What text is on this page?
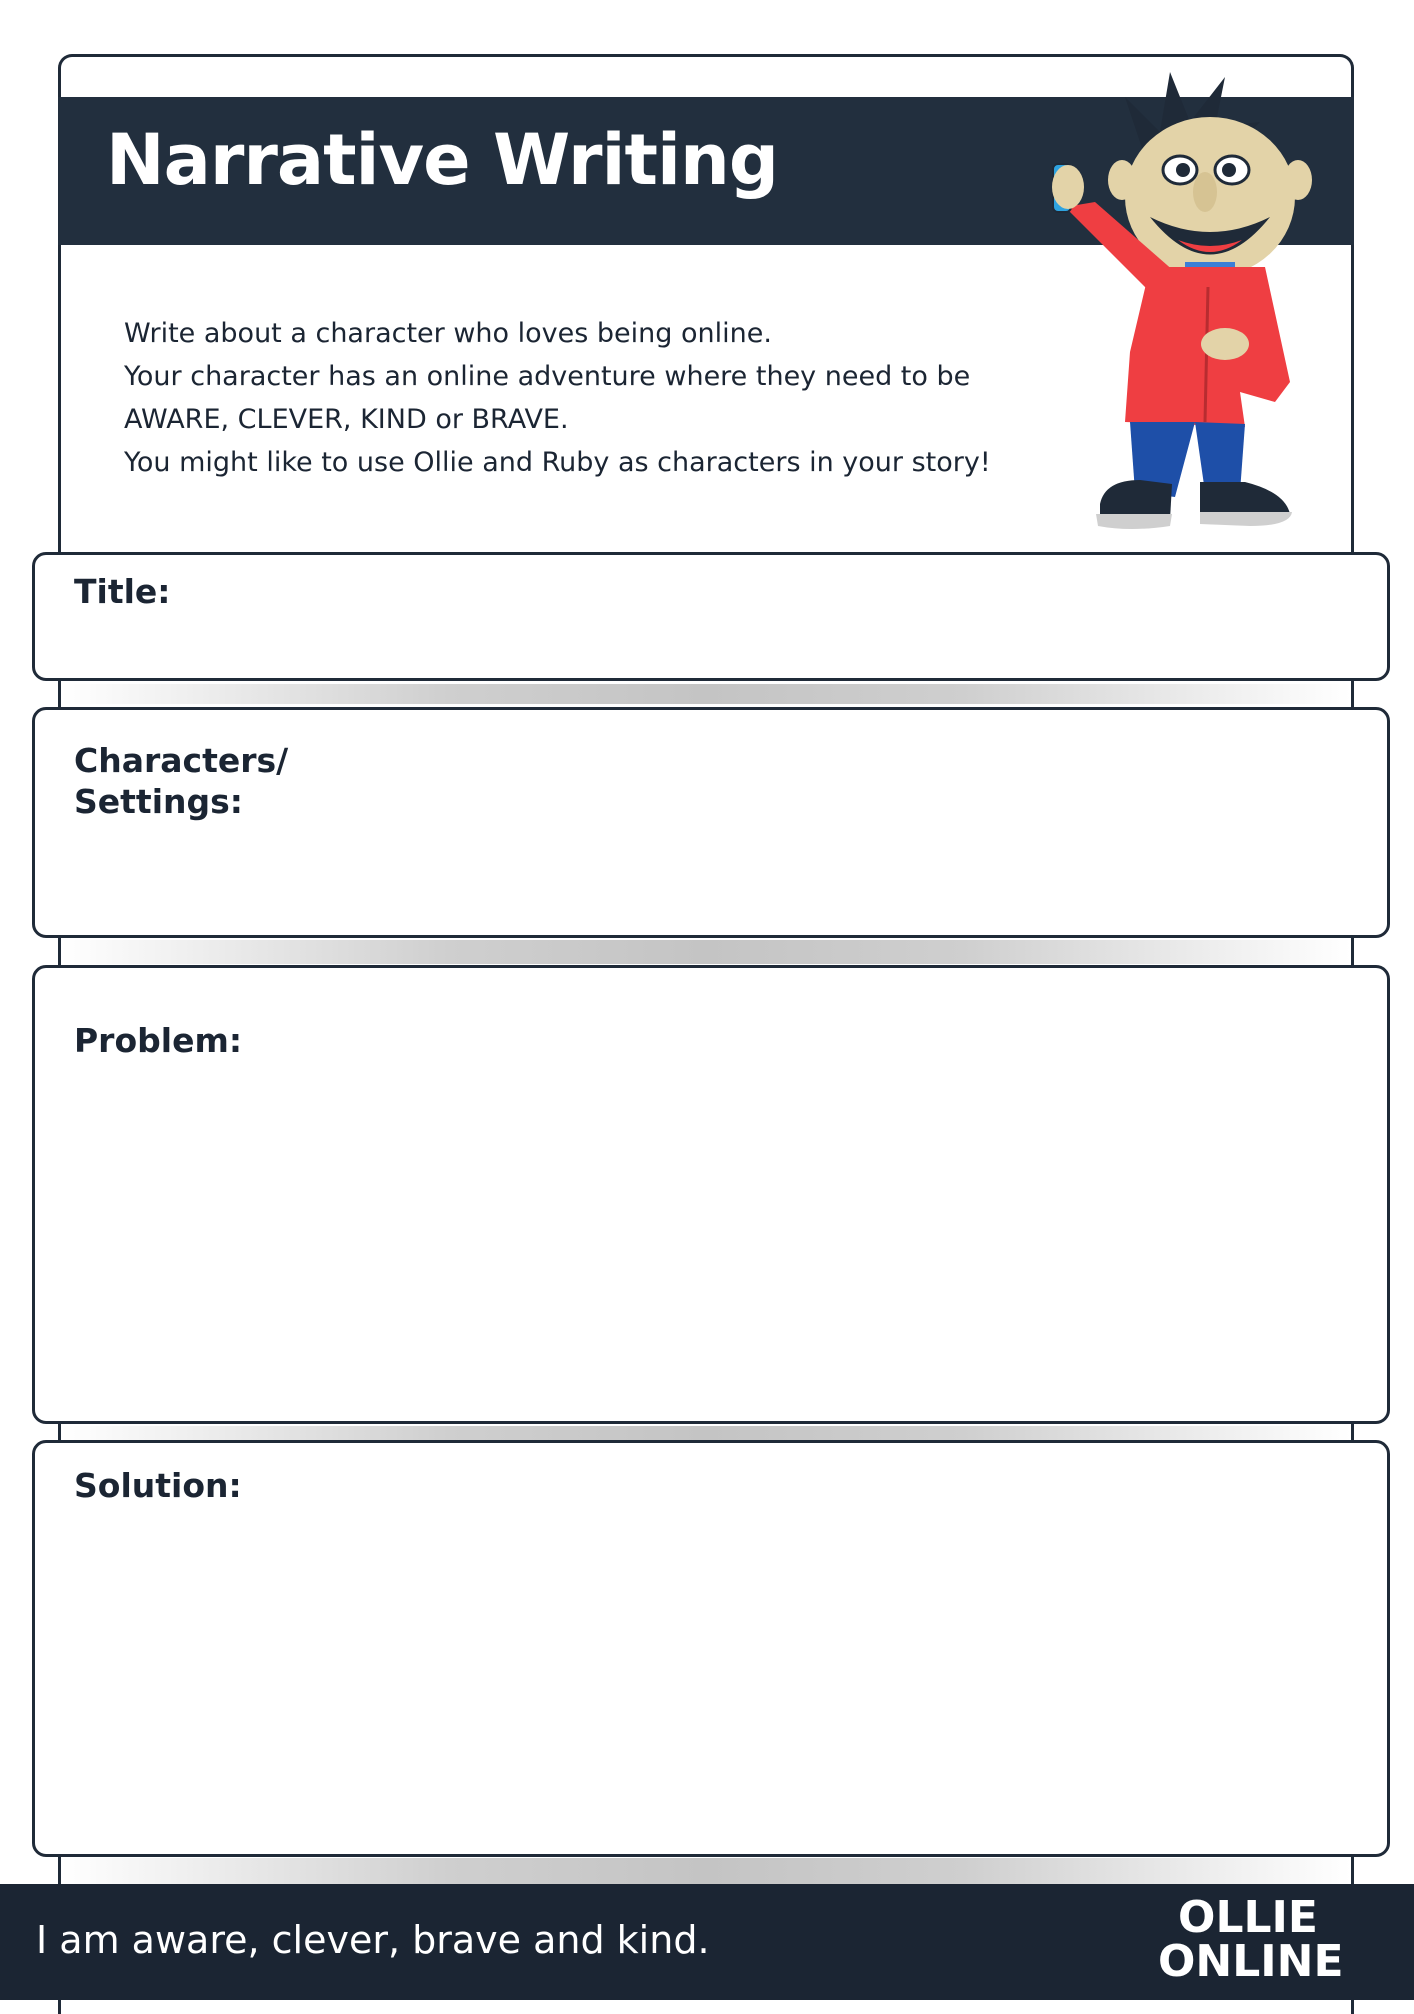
Narrative Writing
Write about a character who loves being online.
Your character has an online adventure where they need to be
AWARE, CLEVER, KIND or BRAVE.
You might like to use Ollie and Ruby as characters in your story!
Title:
Characters/
Settings:
Problem:
Solution:
I am aware, clever, brave and kind.	OLLIE
ONLINE
